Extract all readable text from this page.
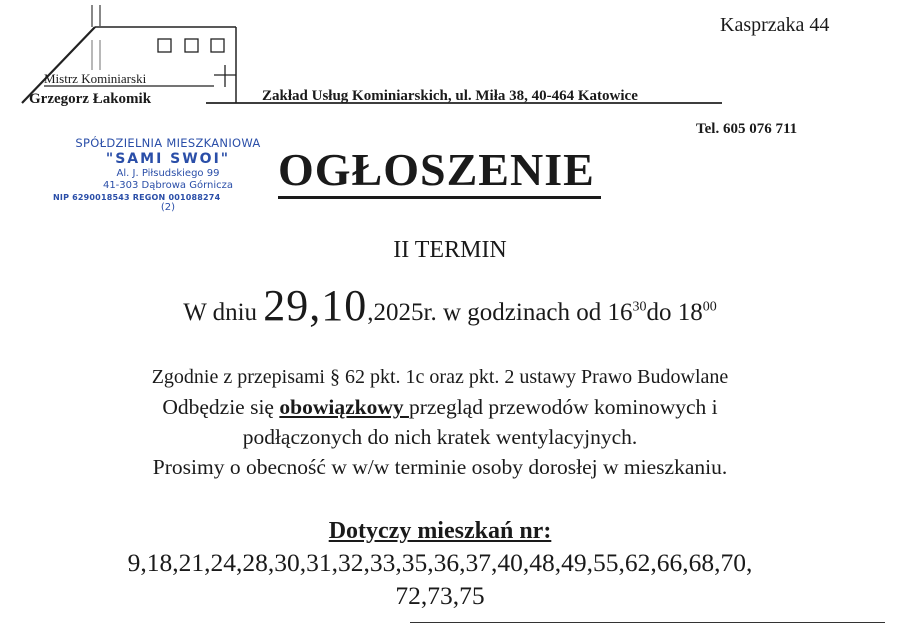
Kasprzaka 44
Mistrz Kominiarski
Grzegorz Łakomik	Zakład Usług Kominiarskich, ul. Miła 38, 40-464 Katowice
Tel. 605 076 711
SPÓŁDZIELNIA MIESZKANIOWA
"SAMI SWOI"
Al. J. Piłsudskiego 99
41-303 Dąbrowa Górnicza
NIP 6290018543 REGON 001088274
(2)
OGŁOSZENIE
II TERMIN
W dniu 29,10,2025r. w godzinach od $16^{30}do$ $18^{00}$
Zgodnie z przepisami § 62 pkt. 1c oraz pkt. 2 ustawy Prawo Budowlane
Odbędzie się obowiązkowy przegląd przewodów kominowych i
podłączonych do nich kratek wentylacyjnych.
Prosimy o obecność w w/w terminie osoby dorosłej w mieszkaniu.
Dotyczy mieszkań nr:
9,18,21,24,28,30,31,32,33,35,36,37,40,48,49,55,62,66,68,70,
72,73,75
